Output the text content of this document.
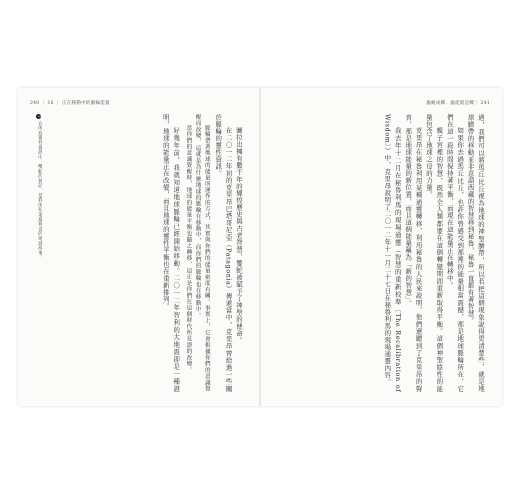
240 ｜ 16 ｜ 正在移動中的脈輪能量

圖拉出擁有數千年的輝煌歷史與古老智慧，雙蛇被賦予了神聖的使命。

在二〇一二年初的克里昂巴塔哥尼亞（Patagonia）傳遞當中，克里昂曾給過一些關於脈輪的靈性資訊。

脈輪帶著地球的能量所運作的方式，其實與你們的能量密度有關。事實上，它會根據你們的意識覺醒而改變，這就是為什麼地球的脈輪在移動中，而你們的脈輪也在移動中。

當你們的意識覺醒時，地球的能量平衡也隨之轉移，這正是你們在這個時代所見證的改變。

好幾年前，我就知道地球脈輪已經開始移動。二〇一二年智利的大地震即是一種證明，地球的能量正在改變，而且地球的靈性平衡也在重新排列。

1 在所有靈性資訊中，雙蛇的神話，是我所知道最神奇的地球故事。
蟲蛻成蝶．蟲從就是蝶｜ 241

過，我們可以將馬丘比丘視為地球的神聖臍帶，所以若把這個現象說得更清楚些，就是地球臍帶的移動並非意謂西藏的智慧移到秘魯，秘魯一直都有著智慧。

如果你去過馬丘比丘，也許你曾感受到那裡的能量相當震撼，那是地球脈輪所在，它們在這一段時間保持著平衡，而現在這能量正在轉移中。

親子宮裡的智慧，既然全人類都要在這個轉變期間重新取得平衡。這個神聖陰性的能量包含了地球之母的力量。

克里昂在秘魯利用某種通靈轉移，利用秘魯的人民來說明，他們還聽到了克里昂的聲音，那是地球能量的新位置，而且這個能量稱為「新的智慧」。

我去年十二月在秘魯利馬的現場通靈（智慧的重新校準〔The Recalibration of Wisdom〕）中，克里昂說明了二〇一二年十一月二十七日在秘魯利馬的現場通靈內容。
